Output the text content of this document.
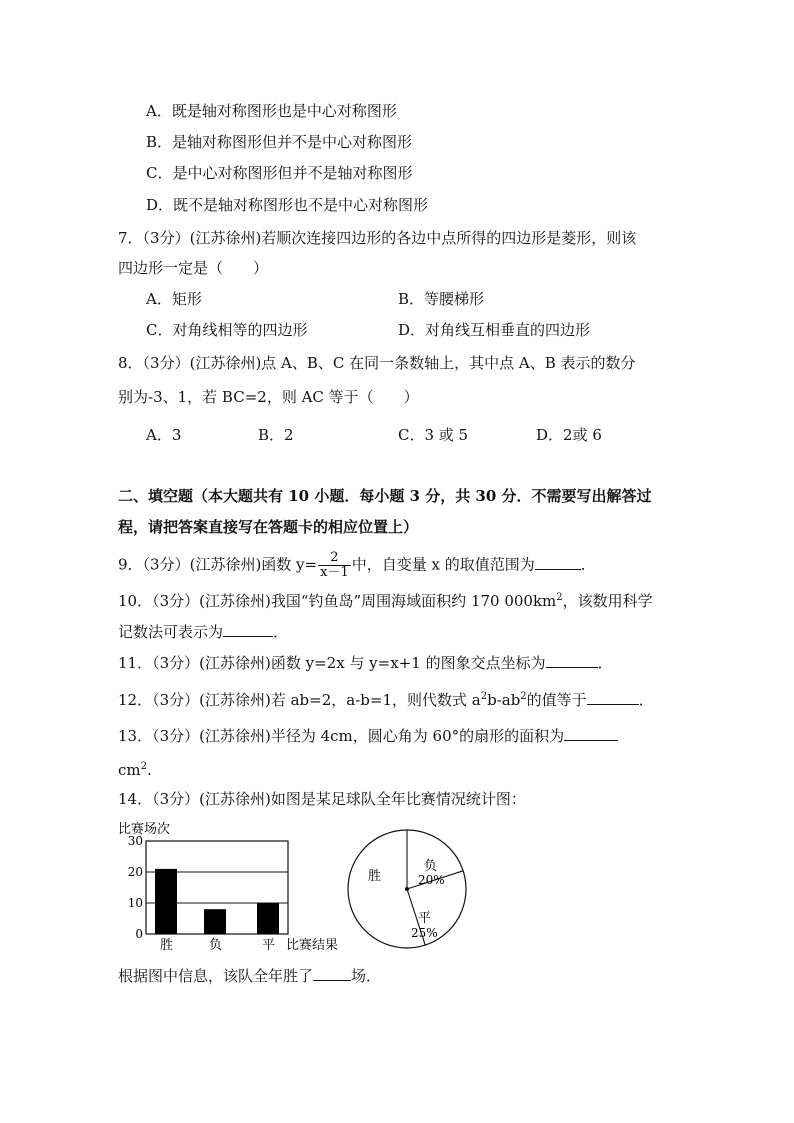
A．既是轴对称图形也是中心对称图形
B．是轴对称图形但并不是中心对称图形
C．是中心对称图形但并不是轴对称图形
D．既不是轴对称图形也不是中心对称图形
7．（3分）(江苏徐州)若顺次连接四边形的各边中点所得的四边形是菱形，则该
四边形一定是（　　）
A．矩形	B．等腰梯形
C．对角线相等的四边形	D．对角线互相垂直的四边形
8．（3分）(江苏徐州)点 A、B、C 在同一条数轴上，其中点 A、B 表示的数分
别为-3、1，若 BC=2，则 AC 等于（　　）
A．3	B．2	C．3 或 5	D．2或 6
二、填空题（本大题共有 10 小题．每小题 3 分，共 30 分．不需要写出解答过
程，请把答案直接写在答题卡的相应位置上）
9．（3分）(江苏徐州)函数 $y= \frac{2}{x-1}$ 中，自变量 x 的取值范围为	．
10．（3分）(江苏徐州)我国“钓鱼岛”周围海域面积约 170 $000km^2$，该数用科学
记数法可表示为	．
11．（3分）(江苏徐州)函数 y=2x 与 y=x+1 的图象交点坐标为	．
12．（3分）(江苏徐州)若 ab=2，a-b=1，则代数式 $a^2b-ab^2$的值等于	．
13．（3分）(江苏徐州)半径为 4cm，圆心角为 60°的扇形的面积为
$cm^2$.
14．（3分）(江苏徐州)如图是某足球队全年比赛情况统计图：
比赛场次
0
10
20
30
胜	负	平 比赛结果
胜
负
20%
平
25%
根据图中信息，该队全年胜了	场．
